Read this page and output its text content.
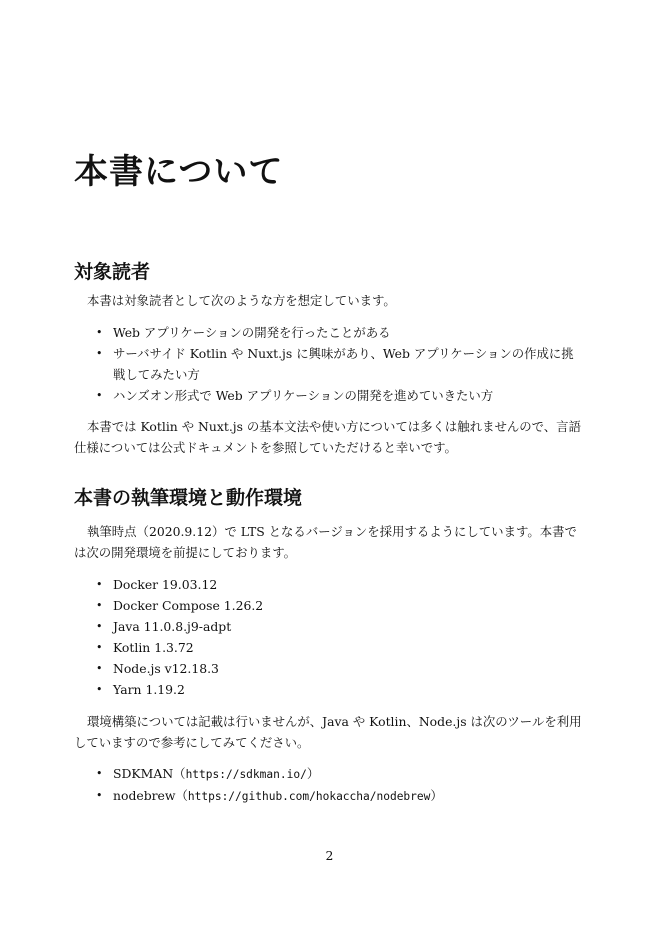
本書について
対象読者

本書は対象読者として次のような方を想定しています。

• Web アプリケーションの開発を行ったことがある
• サーバサイド Kotlin や Nuxt.js に興味があり、Web アプリケーションの作成に挑戦してみたい方
• ハンズオン形式で Web アプリケーションの開発を進めていきたい方

本書では Kotlin や Nuxt.js の基本文法や使い方については多くは触れませんので、言語仕様については公式ドキュメントを参照していただけると幸いです。

本書の執筆環境と動作環境

執筆時点（2020.9.12）で LTS となるバージョンを採用するようにしています。本書では次の開発環境を前提にしております。

• Docker 19.03.12
• Docker Compose 1.26.2
• Java 11.0.8.j9-adpt
• Kotlin 1.3.72
• Node.js v12.18.3
• Yarn 1.19.2

環境構築については記載は行いませんが、Java や Kotlin、Node.js は次のツールを利用していますので参考にしてみてください。

• SDKMAN（https://sdkman.io/）
• nodebrew（https://github.com/hokaccha/nodebrew）
2
